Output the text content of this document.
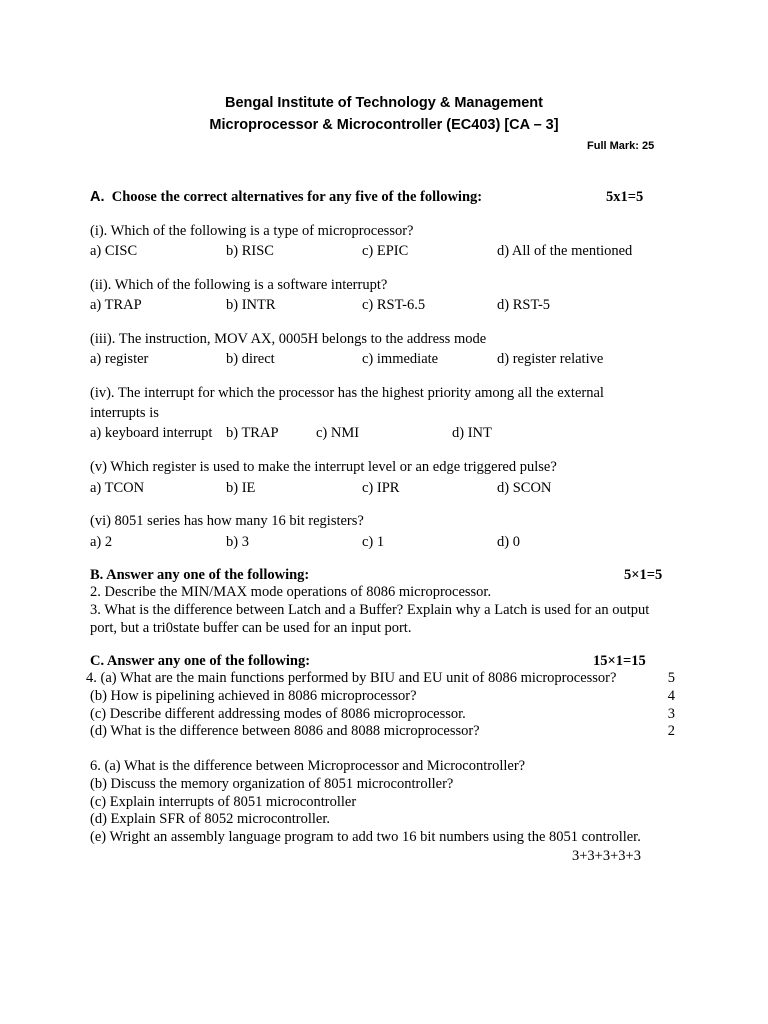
Bengal Institute of Technology & Management
Microprocessor & Microcontroller (EC403) [CA – 3]
Full Mark: 25
A. Choose the correct alternatives for any five of the following:	5x1=5
(i). Which of the following is a type of microprocessor?
a) CISC	b) RISC	c) EPIC	d) All of the mentioned
(ii). Which of the following is a software interrupt?
a) TRAP	b) INTR	c) RST-6.5	d) RST-5
(iii). The instruction, MOV AX, 0005H belongs to the address mode
a) register	b) direct	c) immediate	d) register relative
(iv). The interrupt for which the processor has the highest priority among all the external
interrupts is
a) keyboard interrupt b) TRAP	c) NMI	d) INT
(v) Which register is used to make the interrupt level or an edge triggered pulse?
a) TCON	b) IE	c) IPR	d) SCON
(vi) 8051 series has how many 16 bit registers?
a) 2	b) 3	c) 1	d) 0
B. Answer any one of the following:	5×1=5
2. Describe the MIN/MAX mode operations of 8086 microprocessor.
3. What is the difference between Latch and a Buffer? Explain why a Latch is used for an output
port, but a tri0state buffer can be used for an input port.
C. Answer any one of the following:	15×1=15
4. (a) What are the main functions performed by BIU and EU unit of 8086 microprocessor?	5
(b) How is pipelining achieved in 8086 microprocessor?	4
(c) Describe different addressing modes of 8086 microprocessor.	3
(d) What is the difference between 8086 and 8088 microprocessor?	2
6. (a) What is the difference between Microprocessor and Microcontroller?
(b) Discuss the memory organization of 8051 microcontroller?
(c) Explain interrupts of 8051 microcontroller
(d) Explain SFR of 8052 microcontroller.
(e) Wright an assembly language program to add two 16 bit numbers using the 8051 controller.
3+3+3+3+3
